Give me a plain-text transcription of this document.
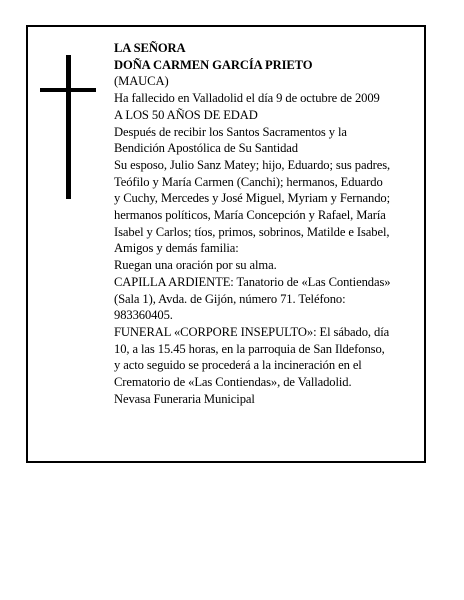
LA SEÑORA
DOÑA CARMEN GARCÍA PRIETO
(MAUCA)
Ha fallecido en Valladolid el día 9 de octubre de 2009
A LOS 50 AÑOS DE EDAD
Después de recibir los Santos Sacramentos y la
Bendición Apostólica de Su Santidad
Su esposo, Julio Sanz Matey; hijo, Eduardo; sus padres,
Teófilo y María Carmen (Canchi); hermanos, Eduardo
y Cuchy, Mercedes y José Miguel, Myriam y Fernando;
hermanos políticos, María Concepción y Rafael, María
Isabel y Carlos; tíos, primos, sobrinos, Matilde e Isabel,
Amigos y demás familia:
Ruegan una oración por su alma.
CAPILLA ARDIENTE: Tanatorio de «Las Contiendas»
(Sala 1), Avda. de Gijón, número 71. Teléfono:
983360405.
FUNERAL «CORPORE INSEPULTO»: El sábado, día
10, a las 15.45 horas, en la parroquia de San Ildefonso,
y acto seguido se procederá a la incineración en el
Crematorio de «Las Contiendas», de Valladolid.
Nevasa Funeraria Municipal
